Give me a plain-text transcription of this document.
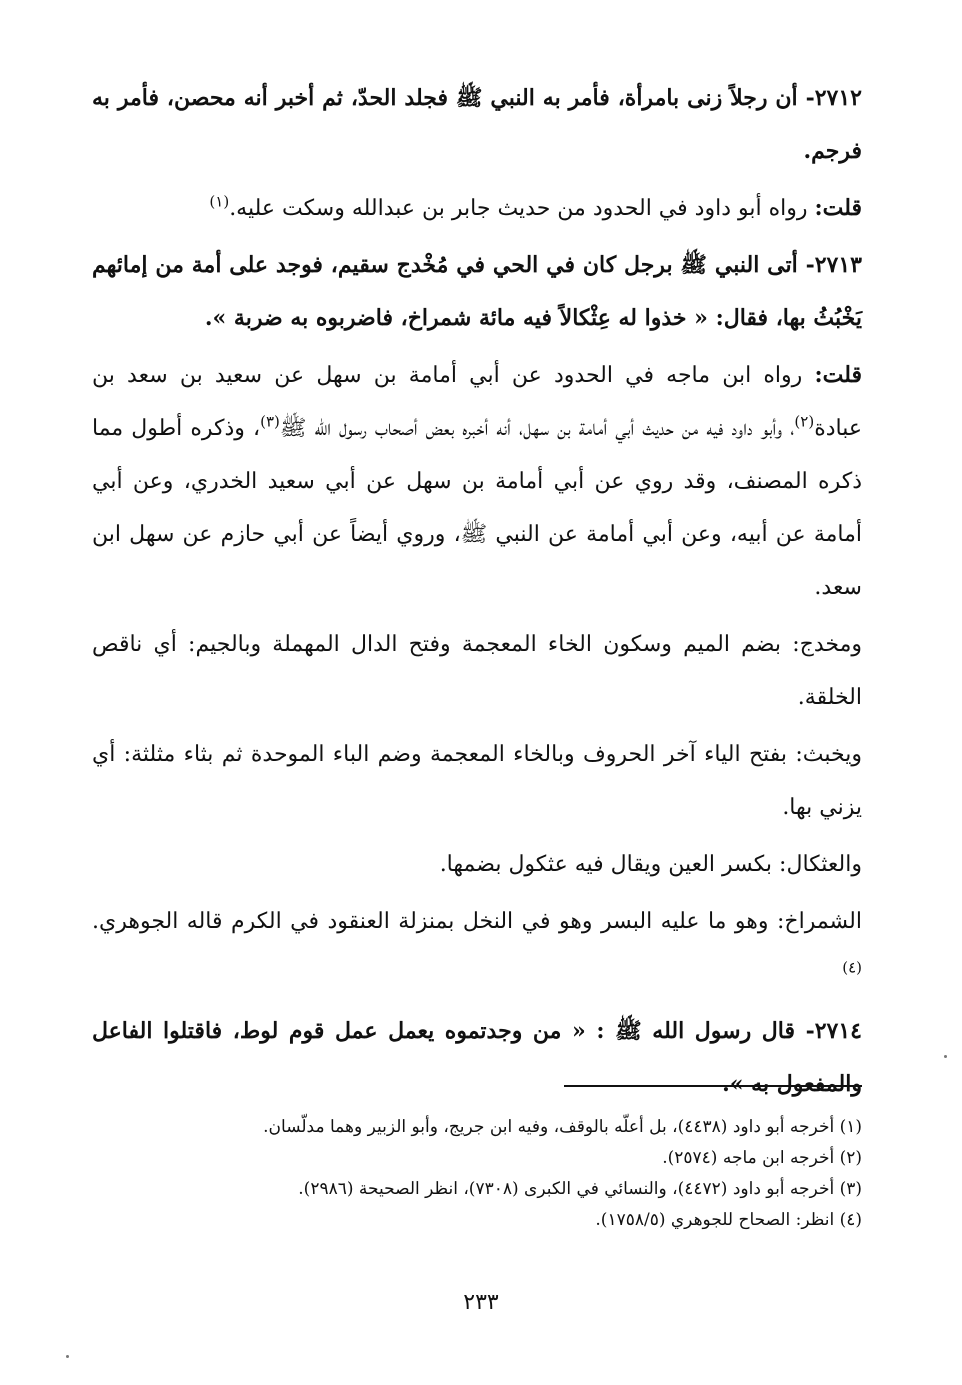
٢٧١٢- أن رجلاً زنى بامرأة، فأمر به النبي ﷺ فجلد الحدّ، ثم أخبر أنه محصن، فأمر به فرجم.

قلت: رواه أبو داود في الحدود من حديث جابر بن عبدالله وسكت عليه.$^{(١)}$

٢٧١٣- أتى النبي ﷺ برجل كان في الحي في مُخْدج سقيم، فوجد على أمة من إمائهم يَخْبُثُ بها، فقال: « خذوا له عِثْكالاً فيه مائة شمراخ، فاضربوه به ضربة ».

قلت: رواه ابن ماجه في الحدود عن أبي أمامة بن سهل عن سعيد بن سعد بن عبادة$^{(٢)}$، وأبو داود فيه من حديث أبي أمامة بن سهل، أنه أخبره بعض أصحاب رسول الله ﷺ$^{(٣)}$، وذكره أطول مما ذكره المصنف، وقد روي عن أبي أمامة بن سهل عن أبي سعيد الخدري، وعن أبي أمامة عن أبيه، وعن أبي أمامة عن النبي ﷺ، وروي أيضاً عن أبي حازم عن سهل ابن سعد.

ومخدج: بضم الميم وسكون الخاء المعجمة وفتح الدال المهملة وبالجيم: أي ناقص الخلقة.

ويخبث: بفتح الياء آخر الحروف وبالخاء المعجمة وضم الباء الموحدة ثم بثاء مثلثة: أي يزني بها.

والعثكال: بكسر العين ويقال فيه عثكول بضمها.

الشمراخ: وهو ما عليه البسر وهو في النخل بمنزلة العنقود في الكرم قاله الجوهري.$^{(٤)}$

٢٧١٤- قال رسول الله ﷺ : « من وجدتموه يعمل عمل قوم لوط، فاقتلوا الفاعل والمفعول به ».

(١) أخرجه أبو داود (٤٤٣٨)، بل أعلّه بالوقف، وفيه ابن جريج، وأبو الزبير وهما مدلّسان.

(٢) أخرجه ابن ماجه (٢٥٧٤).

(٣) أخرجه أبو داود (٤٤٧٢)، والنسائي في الكبرى (٧٣٠٨)، انظر الصحيحة (٢٩٨٦).

(٤) انظر: الصحاح للجوهري (١٧٥٨/٥).

٢٣٣
